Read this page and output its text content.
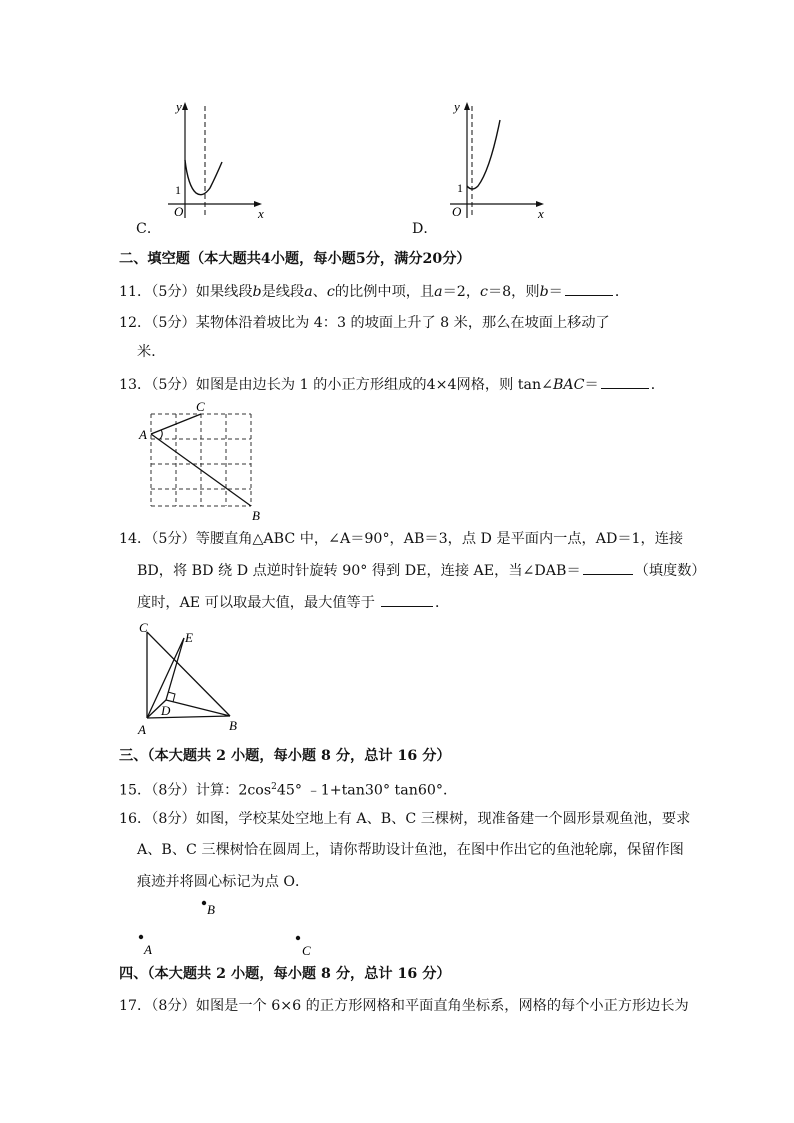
y
x
O
1
C．
y
x
O
1
D．
二、填空题（本大题共4小题，每小题5分，满分20分）
11．（5分）如果线段b是线段a、c的比例中项，且a＝2，c＝8，则b＝	．
12．（5分）某物体沿着坡比为 4：3 的坡面上升了 8 米，那么在坡面上移动了
米．
13．（5分）如图是由边长为 1 的小正方形组成的4×4网格，则 tan∠BAC＝	．
A
C
B
14．（5分）等腰直角△ABC 中，∠A＝90°，AB＝3，点 D 是平面内一点，AD＝1，连接
BD，将 BD 绕 D 点逆时针旋转 90° 得到 DE，连接 AE，当∠DAB＝	（填度数）
度时，AE 可以取最大值，最大值等于	．
C
E
D
A	B
三、（本大题共 2 小题，每小题 8 分，总计 16 分）
15．（8分）计算：$2\cos^245^\circ$ ﹣1+tan30° tan60°．
16．（8分）如图，学校某处空地上有 A、B、C 三棵树，现准备建一个圆形景观鱼池，要求
A、B、C 三棵树恰在圆周上，请你帮助设计鱼池，在图中作出它的鱼池轮廓，保留作图
痕迹并将圆心标记为点 O．
B
A	C
四、（本大题共 2 小题，每小题 8 分，总计 16 分）
17．（8分）如图是一个 6×6 的正方形网格和平面直角坐标系，网格的每个小正方形边长为
